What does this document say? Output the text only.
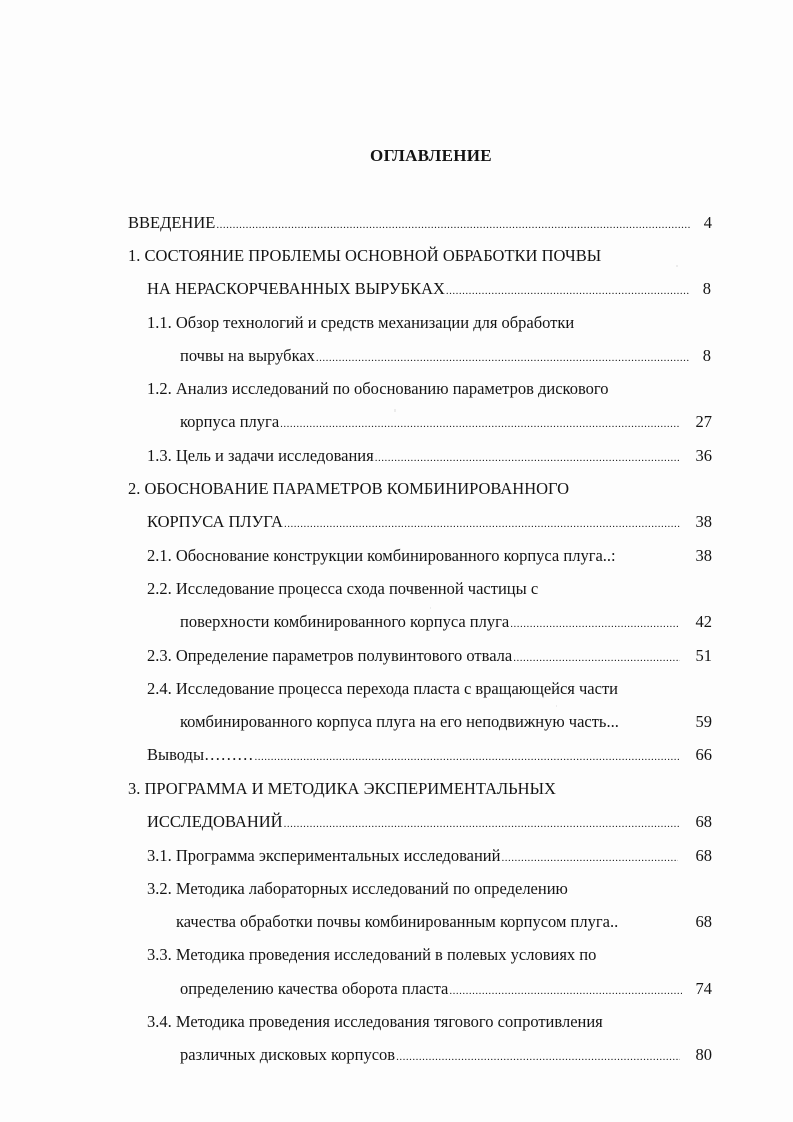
ОГЛАВЛЕНИЕ
ВВЕДЕНИЕ .....	4
1. СОСТОЯНИЕ ПРОБЛЕМЫ ОСНОВНОЙ ОБРАБОТКИ ПОЧВЫ
НА НЕРАСКОРЧЕВАННЫХ ВЫРУБКАХ .....	8
1.1. Обзор технологий и средств механизации для обработки
почвы на вырубках .....	8
1.2. Анализ исследований по обоснованию параметров дискового
корпуса плуга .....	27
1.3. Цель и задачи исследования .....	36
2. ОБОСНОВАНИЕ ПАРАМЕТРОВ КОМБИНИРОВАННОГО
КОРПУСА ПЛУГА .....	38
2.1. Обоснование конструкции комбинированного корпуса плуга..:	38
2.2. Исследование процесса схода почвенной частицы с
поверхности комбинированного корпуса плуга .....	42
2.3. Определение параметров полувинтового отвала .....	51
2.4. Исследование процесса перехода пласта с вращающейся части
комбинированного корпуса плуга на его неподвижную часть...	59
Выводы……… .....	66
3. ПРОГРАММА И МЕТОДИКА ЭКСПЕРИМЕНТАЛЬНЫХ
ИССЛЕДОВАНИЙ .....	68
3.1. Программа экспериментальных исследований .....	68
3.2. Методика лабораторных исследований по определению
качества обработки почвы комбинированным корпусом плуга..	68
3.3. Методика проведения исследований в полевых условиях по
определению качества оборота пласта .....	74
3.4. Методика проведения исследования тягового сопротивления
различных дисковых корпусов .....	80
